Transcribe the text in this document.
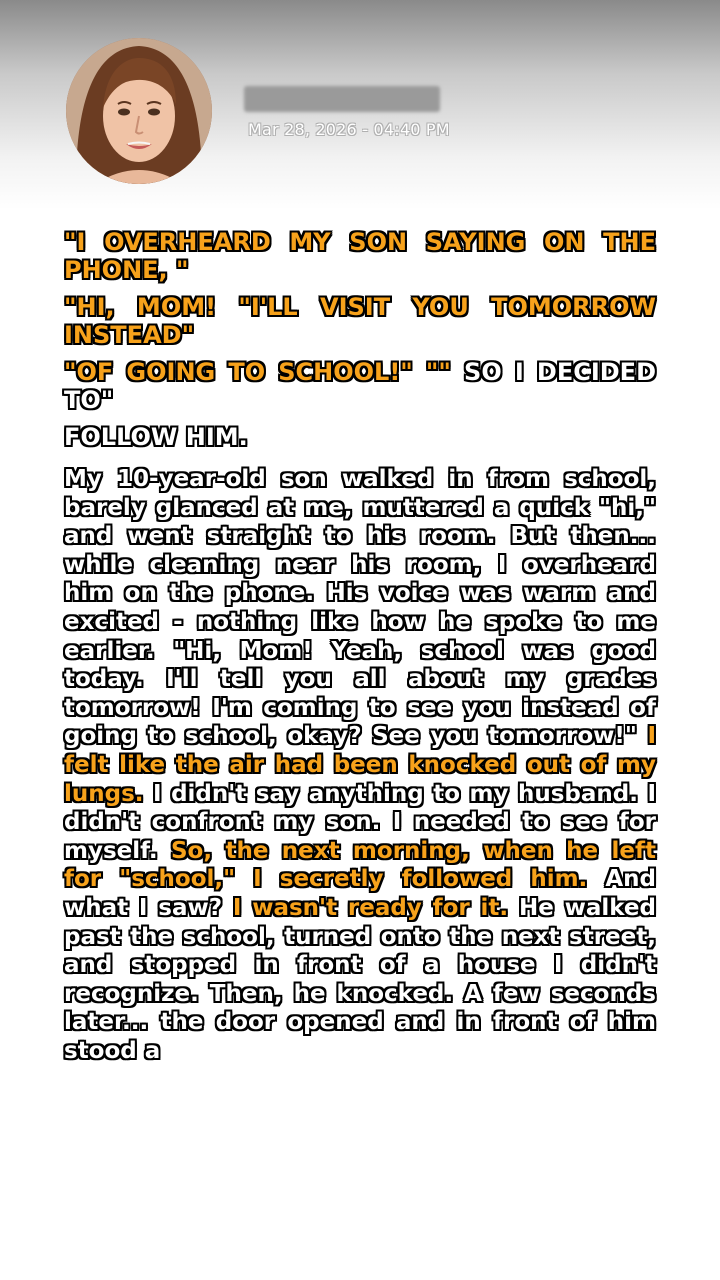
Mar 28, 2026 - 04:40 PM
"I OVERHEARD MY SON SAYING ON THE PHONE, "
"HI, MOM! "I'LL VISIT YOU TOMORROW INSTEAD"
"OF GOING TO SCHOOL!" "" SO I DECIDED TO"
FOLLOW HIM.
My 10-year-old son walked in from school, barely glanced at me, muttered a quick "hi," and went straight to his room. But then... while cleaning near his room, I overheard him on the phone. His voice was warm and excited - nothing like how he spoke to me earlier. "Hi, Mom! Yeah, school was good today. I'll tell you all about my grades tomorrow! I'm coming to see you instead of going to school, okay? See you tomorrow!" I felt like the air had been knocked out of my lungs. I didn't say anything to my husband. I didn't confront my son. I needed to see for myself. So, the next morning, when he left for "school," I secretly followed him. And what I saw? I wasn't ready for it. He walked past the school, turned onto the next street, and stopped in front of a house I didn't recognize. Then, he knocked. A few seconds later... the door opened and in front of him stood a
